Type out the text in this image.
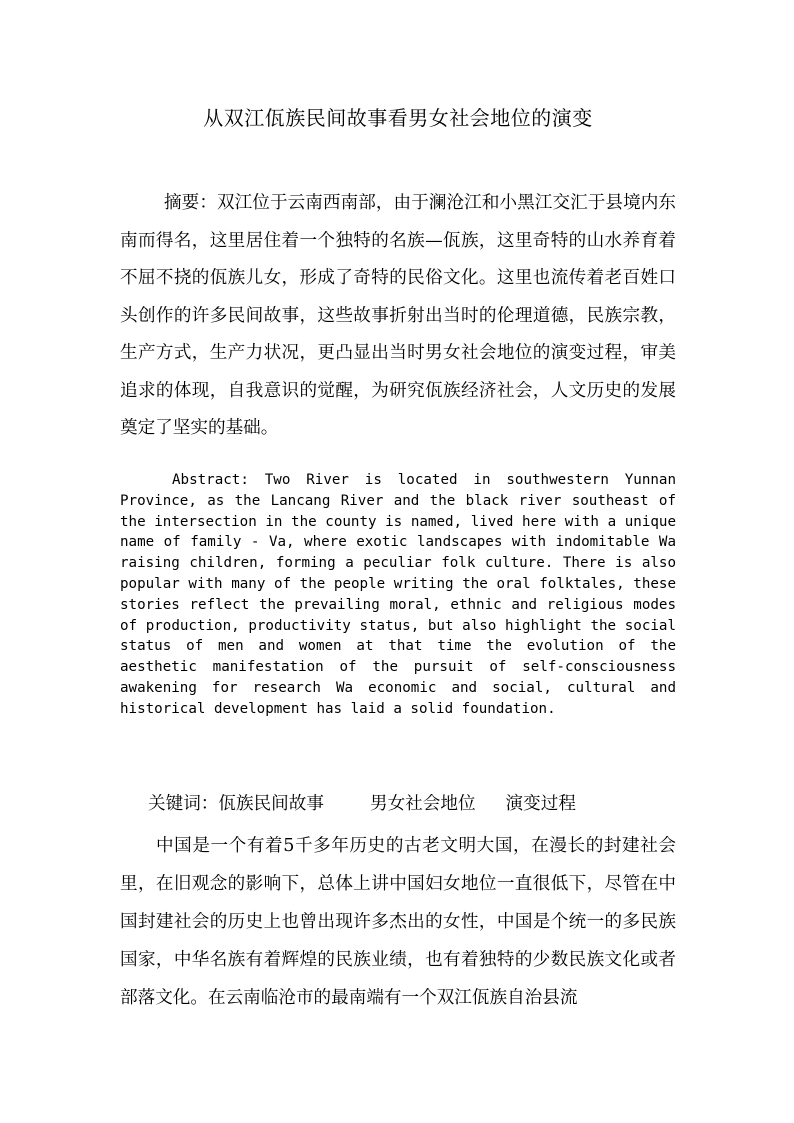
从双江佤族民间故事看男女社会地位的演变
摘要：双江位于云南西南部，由于澜沧江和小黑江交汇于县境内东南而得名，这里居住着一个独特的名族—佤族，这里奇特的山水养育着不屈不挠的佤族儿女，形成了奇特的民俗文化。这里也流传着老百姓口头创作的许多民间故事，这些故事折射出当时的伦理道德，民族宗教，生产方式，生产力状况，更凸显出当时男女社会地位的演变过程，审美追求的体现，自我意识的觉醒，为研究佤族经济社会，人文历史的发展奠定了坚实的基础。
Abstract: Two River is located in southwestern Yunnan Province, as the Lancang River and the black river southeast of the intersection in the county is named, lived here with a unique name of family - Va, where exotic landscapes with indomitable Wa raising children, forming a peculiar folk culture. There is also popular with many of the people writing the oral folktales, these stories reflect the prevailing moral, ethnic and religious modes of production, productivity status, but also highlight the social status of men and women at that time the evolution of the aesthetic manifestation of the pursuit of self-consciousness awakening for research Wa economic and social, cultural and historical development has laid a solid foundation.
关键词：佤族民间故事	男女社会地位 演变过程
中国是一个有着5千多年历史的古老文明大国，在漫长的封建社会里，在旧观念的影响下，总体上讲中国妇女地位一直很低下，尽管在中国封建社会的历史上也曾出现许多杰出的女性，中国是个统一的多民族国家，中华名族有着辉煌的民族业绩，也有着独特的少数民族文化或者部落文化。在云南临沧市的最南端有一个双江佤族自治县流
